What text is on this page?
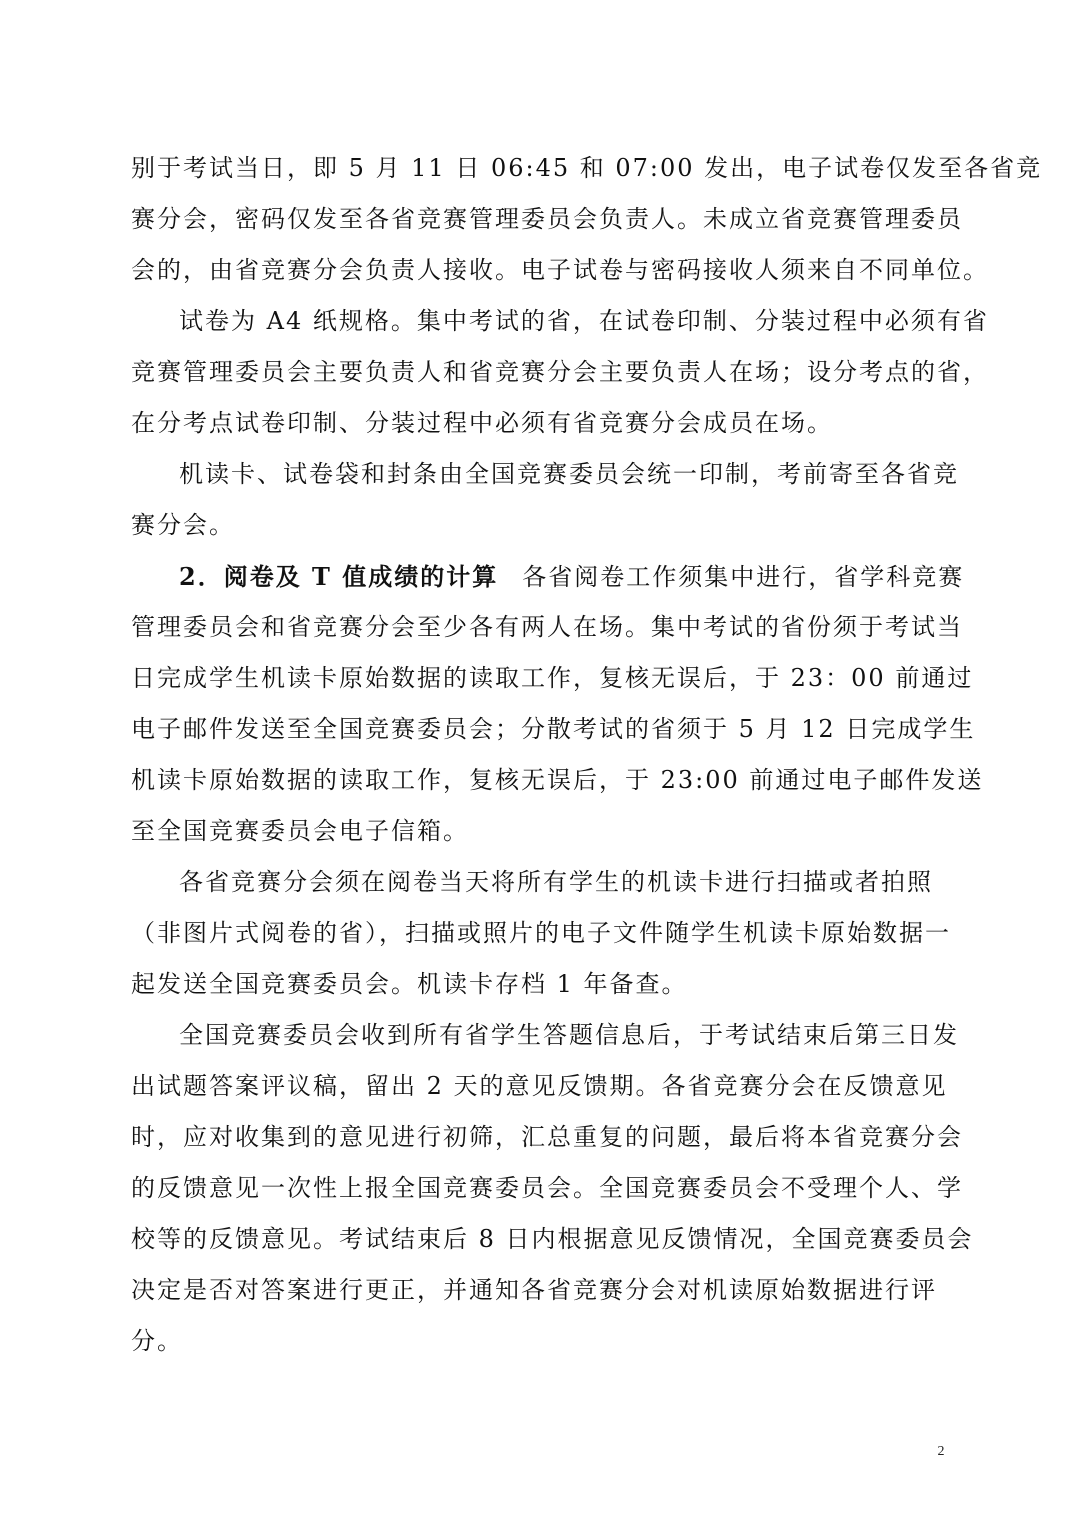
别于考试当日，即 5 月 11 日 06:45 和 07:00 发出，电子试卷仅发至各省竞
赛分会，密码仅发至各省竞赛管理委员会负责人。未成立省竞赛管理委员
会的，由省竞赛分会负责人接收。电子试卷与密码接收人须来自不同单位。
试卷为 A4 纸规格。集中考试的省，在试卷印制、分装过程中必须有省
竞赛管理委员会主要负责人和省竞赛分会主要负责人在场；设分考点的省，
在分考点试卷印制、分装过程中必须有省竞赛分会成员在场。
机读卡、试卷袋和封条由全国竞赛委员会统一印制，考前寄至各省竞
赛分会。
2．阅卷及 T 值成绩的计算 各省阅卷工作须集中进行，省学科竞赛
管理委员会和省竞赛分会至少各有两人在场。集中考试的省份须于考试当
日完成学生机读卡原始数据的读取工作，复核无误后，于 23：00 前通过
电子邮件发送至全国竞赛委员会；分散考试的省须于 5 月 12 日完成学生
机读卡原始数据的读取工作，复核无误后，于 23:00 前通过电子邮件发送
至全国竞赛委员会电子信箱。
各省竞赛分会须在阅卷当天将所有学生的机读卡进行扫描或者拍照
（非图片式阅卷的省），扫描或照片的电子文件随学生机读卡原始数据一
起发送全国竞赛委员会。机读卡存档 1 年备查。
全国竞赛委员会收到所有省学生答题信息后，于考试结束后第三日发
出试题答案评议稿，留出 2 天的意见反馈期。各省竞赛分会在反馈意见
时，应对收集到的意见进行初筛，汇总重复的问题，最后将本省竞赛分会
的反馈意见一次性上报全国竞赛委员会。全国竞赛委员会不受理个人、学
校等的反馈意见。考试结束后 8 日内根据意见反馈情况，全国竞赛委员会
决定是否对答案进行更正，并通知各省竞赛分会对机读原始数据进行评
分。
2
